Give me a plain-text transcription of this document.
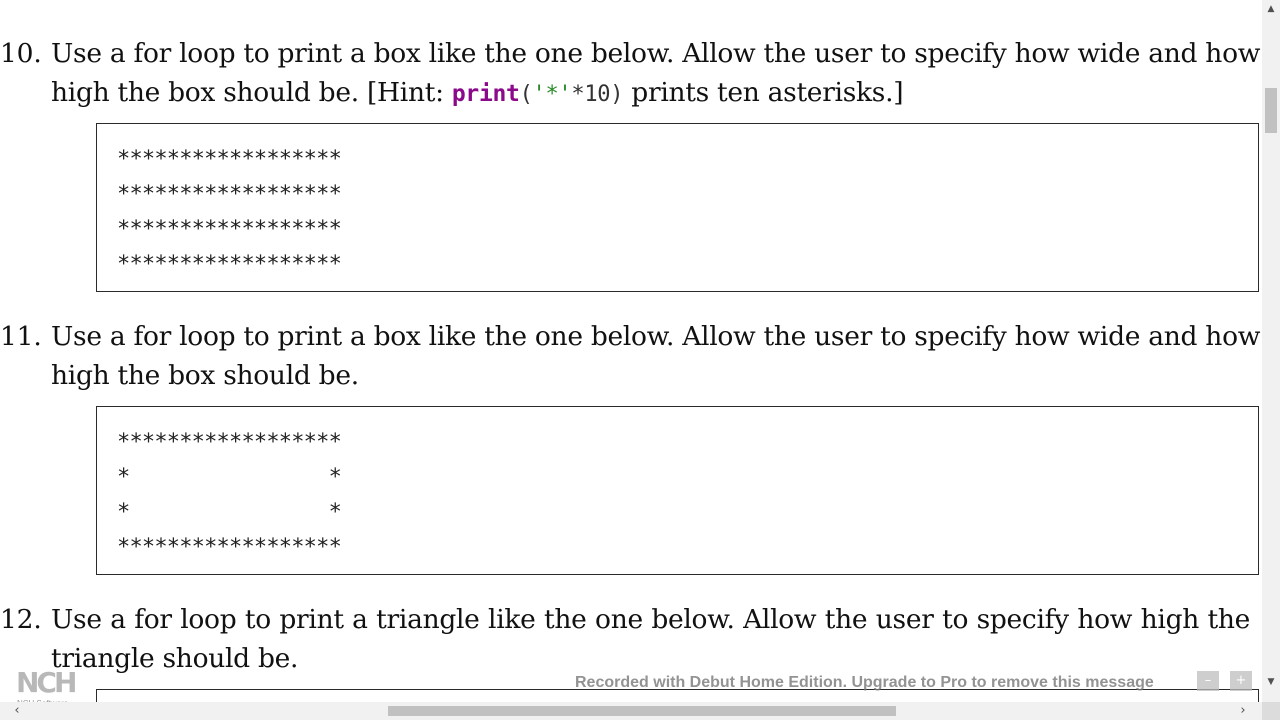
10. Use a for loop to print a box like the one below. Allow the user to specify how wide and how
high the box should be. [Hint: print('*'*10) prints ten asterisks.]
******************
******************
******************
******************
11. Use a for loop to print a box like the one below. Allow the user to specify how wide and how
high the box should be.
******************
*                *
*                *
******************
12. Use a for loop to print a triangle like the one below. Allow the user to specify how high the
triangle should be.
NCH	Recorded with Debut Home Edition. Upgrade to Pro to remove this message	–	+
▲
▼
‹	›
